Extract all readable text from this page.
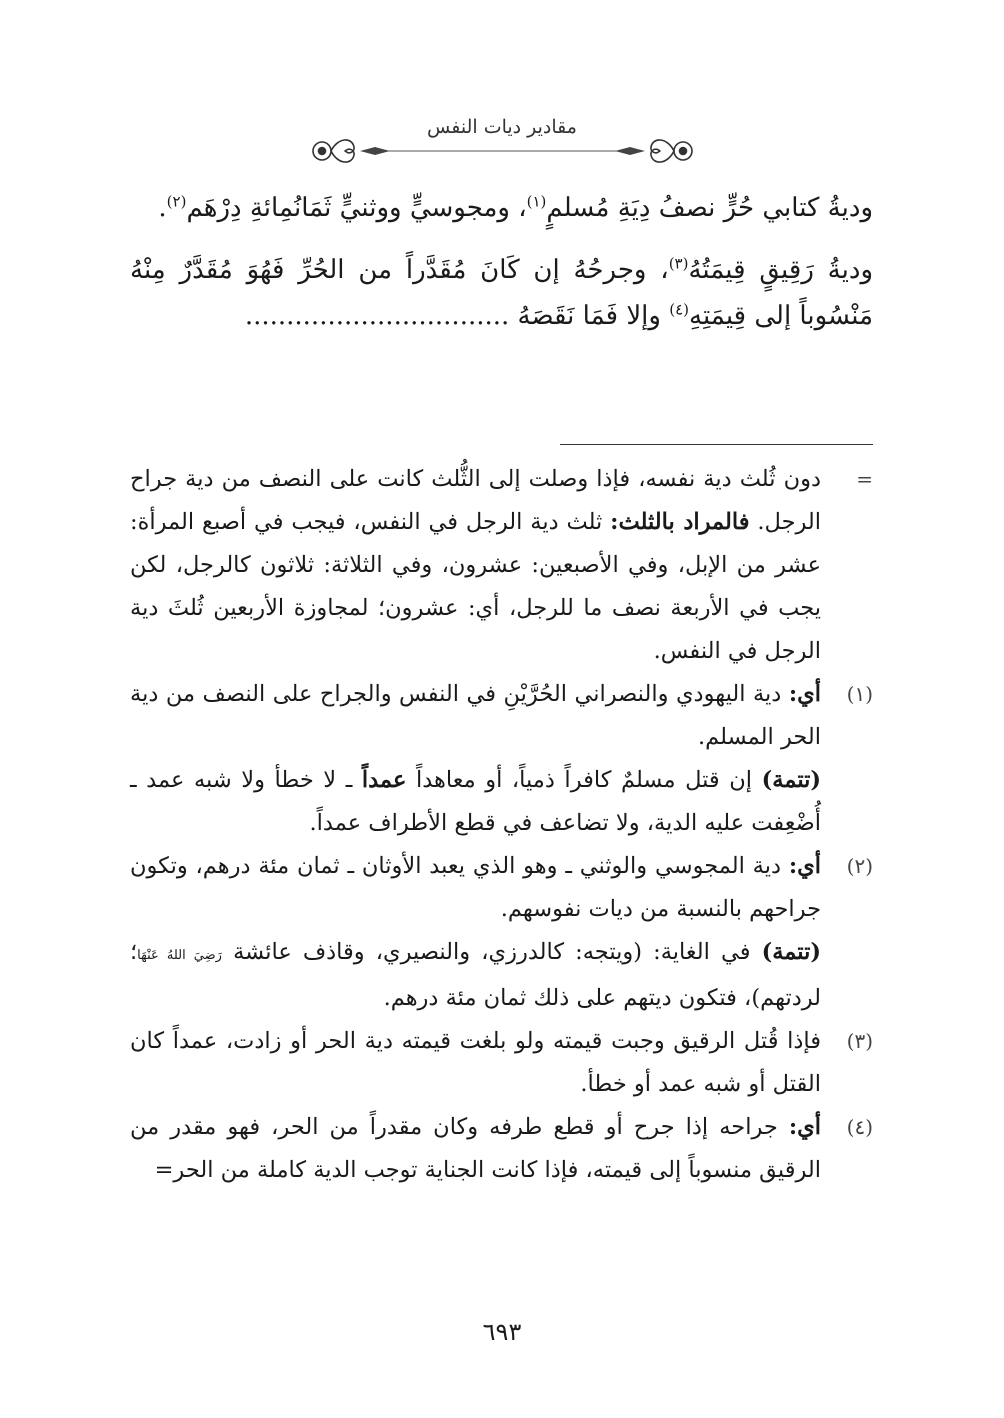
مقادير ديات النفس

وديةُ كتابي حُرٍّ نصفُ دِيَةِ مُسلمٍ$^{(١)}$، ومجوسيٍّ ووثنيٍّ ثَمَانُمِائةِ دِرْهَم$^{(٢)}$.

وديةُ رَقِيقٍ قِيمَتُهُ$^{(٣)}$، وجرحُهُ إن كَانَ مُقَدَّراً من الحُرِّ فَهُوَ مُقَدَّرٌ مِنْهُ مَنْسُوباً إلى قِيمَتِهِ$^{(٤)}$ وإلا فَمَا نَقَصَهُ ................................

=
دون ثُلث دية نفسه، فإذا وصلت إلى الثُّلث كانت على النصف من دية جراح الرجل. فالمراد بالثلث: ثلث دية الرجل في النفس، فيجب في أصبع المرأة: عشر من الإبل، وفي الأصبعين: عشرون، وفي الثلاثة: ثلاثون كالرجل، لكن يجب في الأربعة نصف ما للرجل، أي: عشرون؛ لمجاوزة الأربعين ثُلثَ دية الرجل في النفس.
(١)

أي: دية اليهودي والنصراني الحُرَّيْنِ في النفس والجراح على النصف من دية الحر المسلم.

(تتمة) إن قتل مسلمٌ كافراً ذمياً، أو معاهداً عمداً ـ لا خطأ ولا شبه عمد ـ أُضْعِفت عليه الدية، ولا تضاعف في قطع الأطراف عمداً.

(٢)

أي: دية المجوسي والوثني ـ وهو الذي يعبد الأوثان ـ ثمان مئة درهم، وتكون جراحهم بالنسبة من ديات نفوسهم.

(تتمة) في الغاية: (ويتجه: كالدرزي، والنصيري، وقاذف عائشة رَضِيَ اللهُ عَنْهَا؛ لردتهم)، فتكون ديتهم على ذلك ثمان مئة درهم.

(٣)
فإذا قُتل الرقيق وجبت قيمته ولو بلغت قيمته دية الحر أو زادت، عمداً كان القتل أو شبه عمد أو خطأ.
(٤)
أي: جراحه إذا جرح أو قطع طرفه وكان مقدراً من الحر، فهو مقدر من الرقيق منسوباً إلى قيمته، فإذا كانت الجناية توجب الدية كاملة من الحر=
٦٩٣
